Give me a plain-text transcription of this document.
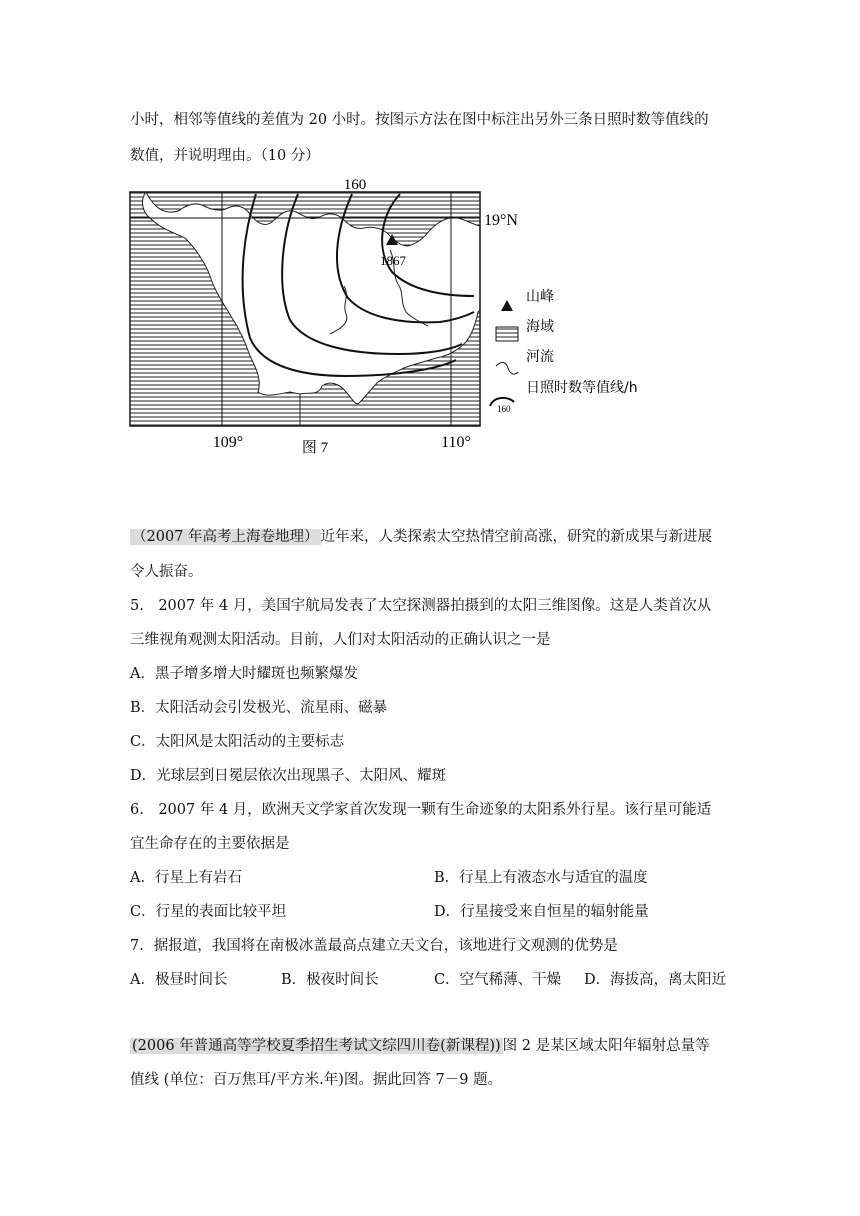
小时，相邻等值线的差值为 20 小时。按图示方法在图中标注出另外三条日照时数等值线的
数值，并说明理由。（10 分）
160
19°N
1867
109°	110°
图 7
山峰
海域
河流
160
日照时数等值线/h
（2007 年高考上海卷地理） 近年来，人类探索太空热情空前高涨，研究的新成果与新进展
令人振奋。
5.　2007 年 4 月，美国宇航局发表了太空探测器拍摄到的太阳三维图像。这是人类首次从
三维视角观测太阳活动。目前，人们对太阳活动的正确认识之一是
A．黑子增多增大时耀斑也频繁爆发
B．太阳活动会引发极光、流星雨、磁暴
C．太阳风是太阳活动的主要标志
D．光球层到日冕层依次出现黑子、太阳风、耀斑
6.　2007 年 4 月，欧洲天文学家首次发现一颗有生命迹象的太阳系外行星。该行星可能适
宜生命存在的主要依据是
A．行星上有岩石	B．行星上有液态水与适宜的温度
C．行星的表面比较平坦	D．行星接受来自恒星的辐射能量
7．据报道，我国将在南极冰盖最高点建立天文台，该地进行文观测的优势是
A．极昼时间长	B．极夜时间长	C．空气稀薄、干燥 D．海拔高，离太阳近
(2006 年普通高等学校夏季招生考试文综四川卷(新课程)) 图 2 是某区域太阳年辐射总量等
值线 (单位：百万焦耳/平方米.年)图。据此回答 7－9 题。
